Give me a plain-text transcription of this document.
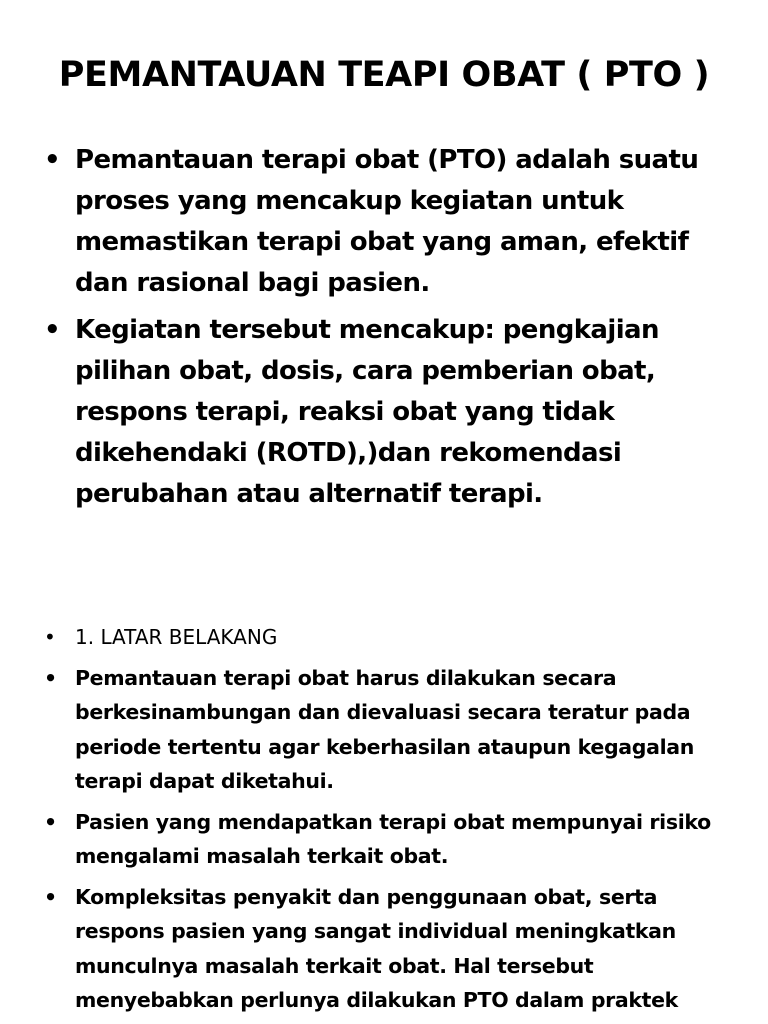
PEMANTAUAN TEAPI OBAT ( PTO )
• Pemantauan terapi obat (PTO) adalah suatu proses yang mencakup kegiatan untuk memastikan terapi obat yang aman, efektif dan rasional bagi pasien.
• Kegiatan tersebut mencakup: pengkajian pilihan obat, dosis, cara pemberian obat, respons terapi, reaksi obat yang tidak dikehendaki (ROTD),)dan rekomendasi perubahan atau alternatif terapi.
• 1. LATAR BELAKANG
• Pemantauan terapi obat harus dilakukan secara berkesinambungan dan dievaluasi secara teratur pada periode tertentu agar keberhasilan ataupun kegagalan terapi dapat diketahui.
• Pasien yang mendapatkan terapi obat mempunyai risiko mengalami masalah terkait obat.
• Kompleksitas penyakit dan penggunaan obat, serta respons pasien yang sangat individual meningkatkan munculnya masalah terkait obat. Hal tersebut menyebabkan perlunya dilakukan PTO dalam praktek
